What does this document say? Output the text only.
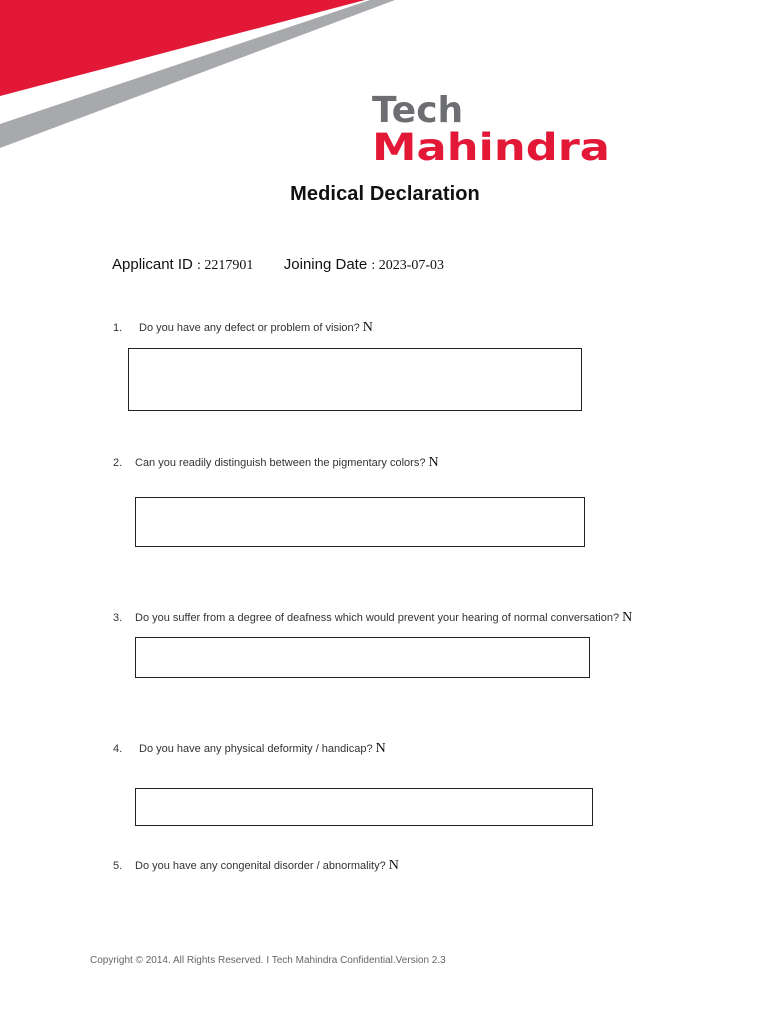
Tech
Mahindra
Medical Declaration
Applicant ID : 2217901 Joining Date : 2023-07-03
1. Do you have any defect or problem of vision? N
2. Can you readily distinguish between the pigmentary colors? N
3. Do you suffer from a degree of deafness which would prevent your hearing of normal conversation? N
4. Do you have any physical deformity / handicap? N
5. Do you have any congenital disorder / abnormality? N
Copyright © 2014. All Rights Reserved. I Tech Mahindra Confidential.Version 2.3
